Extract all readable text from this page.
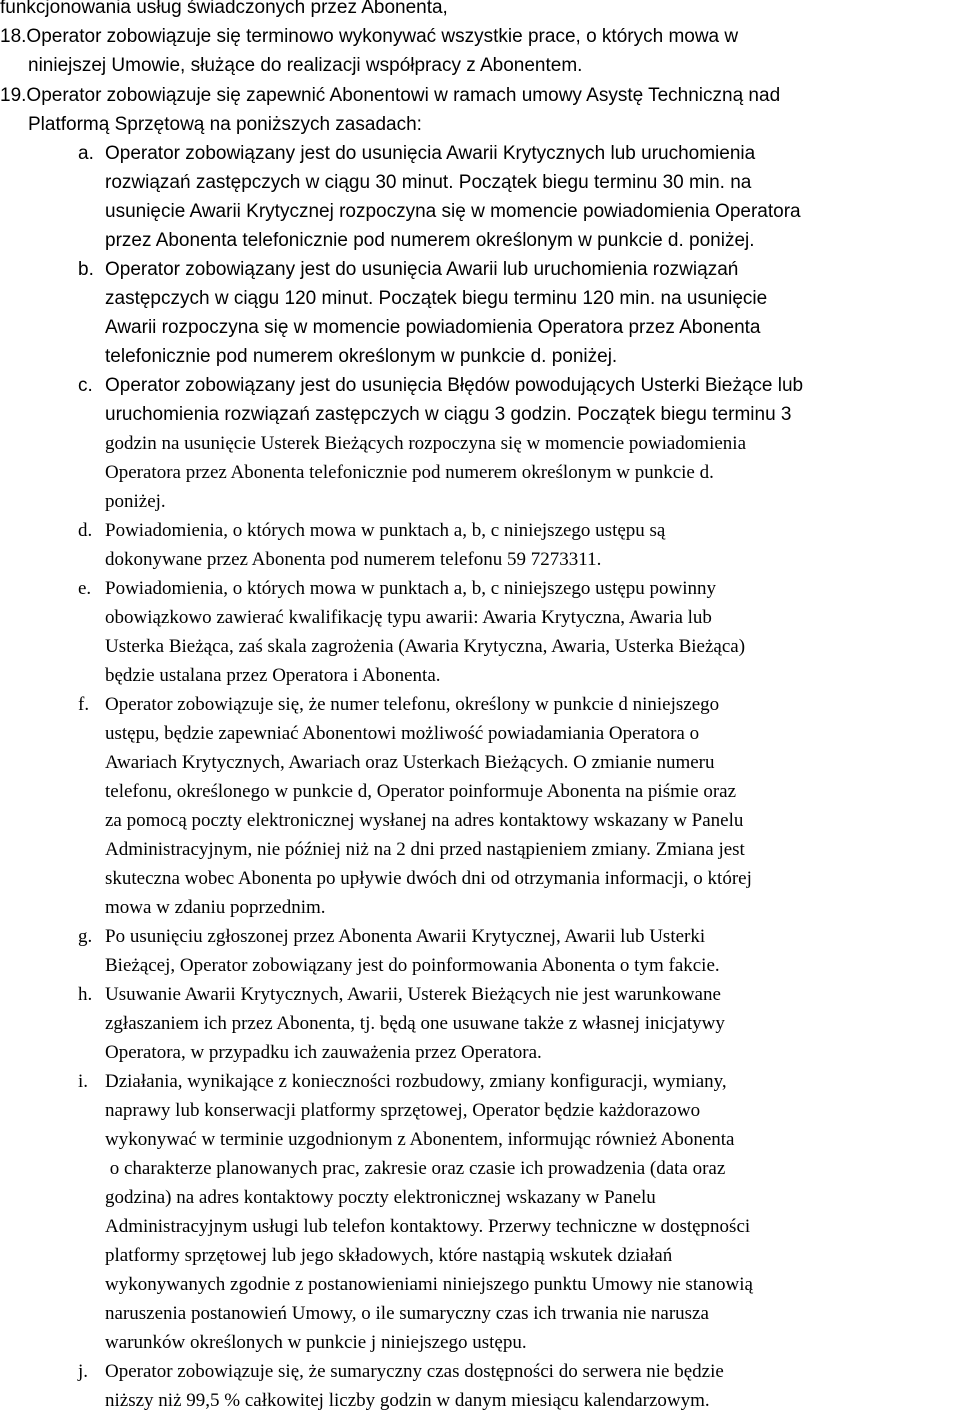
funkcjonowania usług świadczonych przez Abonenta,
18.Operator zobowiązuje się terminowo wykonywać wszystkie prace, o których mowa w
niniejszej Umowie, służące do realizacji współpracy z Abonentem.
19.Operator zobowiązuje się zapewnić Abonentowi w ramach umowy Asystę Techniczną nad
Platformą Sprzętową na poniższych zasadach:
a. Operator zobowiązany jest do usunięcia Awarii Krytycznych lub uruchomienia
rozwiązań zastępczych w ciągu 30 minut. Początek biegu terminu 30 min. na
usunięcie Awarii Krytycznej rozpoczyna się w momencie powiadomienia Operatora
przez Abonenta telefonicznie pod numerem określonym w punkcie d. poniżej.
b. Operator zobowiązany jest do usunięcia Awarii lub uruchomienia rozwiązań
zastępczych w ciągu 120 minut. Początek biegu terminu 120 min. na usunięcie
Awarii rozpoczyna się w momencie powiadomienia Operatora przez Abonenta
telefonicznie pod numerem określonym w punkcie d. poniżej.
c. Operator zobowiązany jest do usunięcia Błędów powodujących Usterki Bieżące lub
uruchomienia rozwiązań zastępczych w ciągu 3 godzin. Początek biegu terminu 3
godzin na usunięcie Usterek Bieżących rozpoczyna się w momencie powiadomienia
Operatora przez Abonenta telefonicznie pod numerem określonym w punkcie d.
poniżej.
d. Powiadomienia, o których mowa w punktach a, b, c niniejszego ustępu są
dokonywane przez Abonenta pod numerem telefonu 59 7273311.
e. Powiadomienia, o których mowa w punktach a, b, c niniejszego ustępu powinny
obowiązkowo zawierać kwalifikację typu awarii: Awaria Krytyczna, Awaria lub
Usterka Bieżąca, zaś skala zagrożenia (Awaria Krytyczna, Awaria, Usterka Bieżąca)
będzie ustalana przez Operatora i Abonenta.
f. Operator zobowiązuje się, że numer telefonu, określony w punkcie d niniejszego
ustępu, będzie zapewniać Abonentowi możliwość powiadamiania Operatora o
Awariach Krytycznych, Awariach oraz Usterkach Bieżących. O zmianie numeru
telefonu, określonego w punkcie d, Operator poinformuje Abonenta na piśmie oraz
za pomocą poczty elektronicznej wysłanej na adres kontaktowy wskazany w Panelu
Administracyjnym, nie później niż na 2 dni przed nastąpieniem zmiany. Zmiana jest
skuteczna wobec Abonenta po upływie dwóch dni od otrzymania informacji, o której
mowa w zdaniu poprzednim.
g. Po usunięciu zgłoszonej przez Abonenta Awarii Krytycznej, Awarii lub Usterki
Bieżącej, Operator zobowiązany jest do poinformowania Abonenta o tym fakcie.
h. Usuwanie Awarii Krytycznych, Awarii, Usterek Bieżących nie jest warunkowane
zgłaszaniem ich przez Abonenta, tj. będą one usuwane także z własnej inicjatywy
Operatora, w przypadku ich zauważenia przez Operatora.
i. Działania, wynikające z konieczności rozbudowy, zmiany konfiguracji, wymiany,
naprawy lub konserwacji platformy sprzętowej, Operator będzie każdorazowo
wykonywać w terminie uzgodnionym z Abonentem, informując również Abonenta
o charakterze planowanych prac, zakresie oraz czasie ich prowadzenia (data oraz
godzina) na adres kontaktowy poczty elektronicznej wskazany w Panelu
Administracyjnym usługi lub telefon kontaktowy. Przerwy techniczne w dostępności
platformy sprzętowej lub jego składowych, które nastąpią wskutek działań
wykonywanych zgodnie z postanowieniami niniejszego punktu Umowy nie stanowią
naruszenia postanowień Umowy, o ile sumaryczny czas ich trwania nie narusza
warunków określonych w punkcie j niniejszego ustępu.
j. Operator zobowiązuje się, że sumaryczny czas dostępności do serwera nie będzie
niższy niż 99,5 % całkowitej liczby godzin w danym miesiącu kalendarzowym.
